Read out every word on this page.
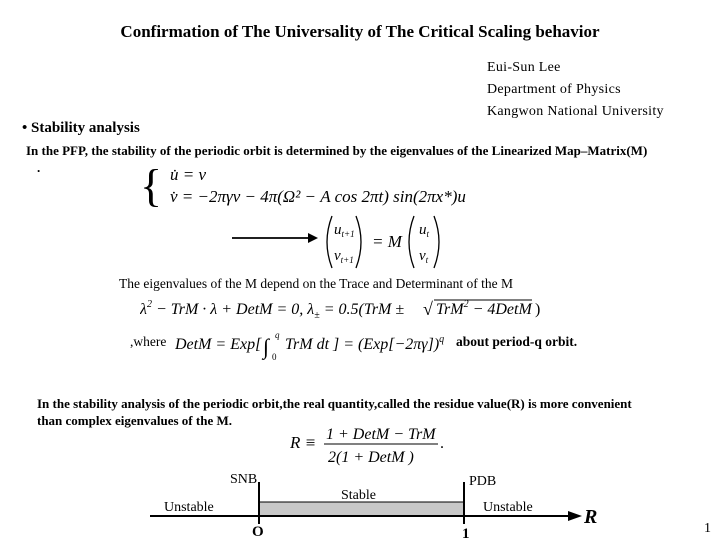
Confirmation of The Universality of The Critical Scaling behavior
Eui-Sun Lee
Department of Physics
Kangwon National University
• Stability analysis
In the PFP, the stability of the periodic orbit is determined by the eigenvalues of the Linearized Map–Matrix(M)
. { u̇ = v
v̇ = −2πγν − 4π(Ω² − A cos 2πt) sin(2πx*)u
$u_{t+1}$
$v_{t+1}$
= M
$u_t$
$v_t$
The eigenvalues of the M depend on the Trace and Determinant of the M
$\lambda^2$ − TrM · λ + DetM = 0, $\lambda_\pm = 0.5(TrM$ ± √ TrM$^2$ − 4DetM )
,where DetM = Exp[ ∫ q
0
TrM dt ] = $(Exp[-2\pi\gamma])^q$ about period-q orbit.
In the stability analysis of the periodic orbit,the real quantity,called the residue value(R) is more convenient
than complex eigenvalues of the M.
R ≡ 1 + DetM − TrM
2(1 + DetM )
.
SNB	PDB
Unstable
Stable
Unstable
O	1
R
1
